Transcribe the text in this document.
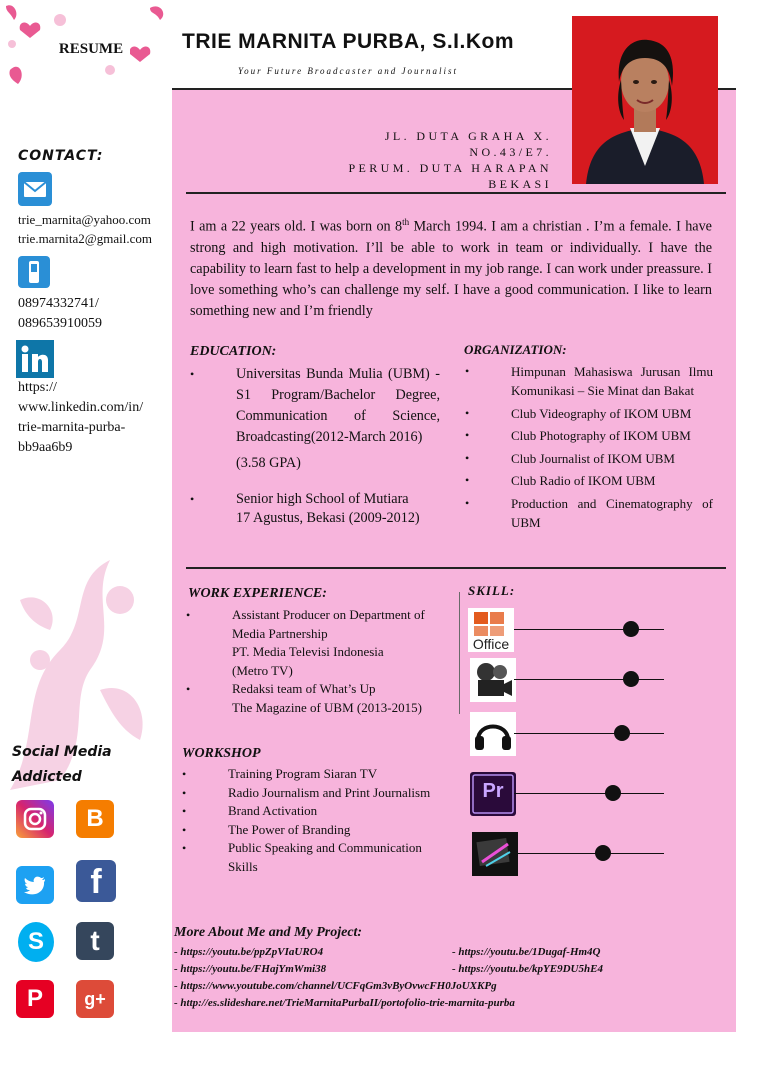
RESUME	TRIE MARNITA PURBA, S.I.Kom
Your Future Broadcaster and Journalist
JL. DUTA GRAHA X. NO.43/E7.
PERUM. DUTA HARAPAN
BEKASI
CONTACT:
trie_marnita@yahoo.com
trie.marnita2@gmail.com
08974332741/
089653910059
https://
www.linkedin.com/in/
trie-marnita-purba-
bb9aa6b9
I am a 22 years old. I was born on 8th March 1994. I am a christian . I’m a female. I have strong and high motivation. I’ll be able to work in team or individually. I have the capability to learn fast to help a development in my job range. I can work under preassure. I love something who’s can challenge my self. I have a good communication. I like to learn something new and I’m friendly
EDUCATION:
• Universitas Bunda Mulia (UBM) -S1 Program/Bachelor Degree, Communication of Science, Broadcasting(2012-March 2016)
(3.58 GPA)
• Senior high School of Mutiara
17 Agustus, Bekasi (2009-2012)
ORGANIZATION:
• Himpunan Mahasiswa Jurusan Ilmu Komunikasi – Sie Minat dan Bakat
• Club Videography of IKOM UBM
• Club Photography of IKOM UBM
• Club Journalist of IKOM UBM
• Club Radio of IKOM UBM
• Production and Cinematography of UBM
WORK EXPERIENCE:
• Assistant Producer on Department of
Media Partnership
PT. Media Televisi Indonesia
(Metro TV)
• Redaksi team of What’s Up
The Magazine of UBM (2013-2015)
WORKSHOP
• Training Program Siaran TV
• Radio Journalism and Print Journalism
• Brand Activation
• The Power of Branding
• Public Speaking and Communication Skills
SKILL:
Office
Pr
Social Media
Addicted
B
f
S	t
P	g+
More About Me and My Project:
- https://youtu.be/ppZpVIaURO4	- https://youtu.be/1Dugaf-Hm4Q
- https://youtu.be/FHajYmWmi38	- https://youtu.be/kpYE9DU5hE4
- https://www.youtube.com/channel/UCFqGm3vByOvwcFH0JoUXKPg
- http://es.slideshare.net/TrieMarnitaPurbaII/portofolio-trie-marnita-purba
